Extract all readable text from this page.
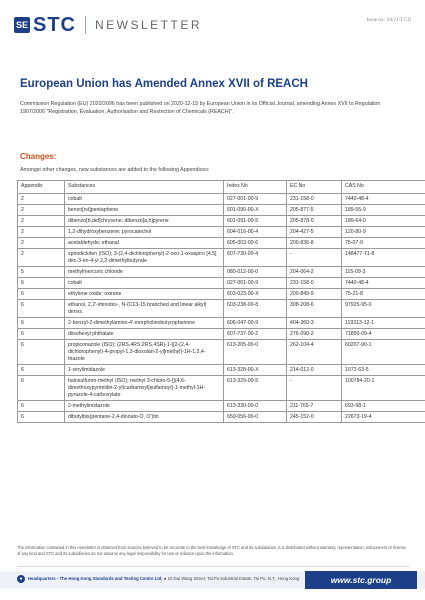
SE STC NEWSLETTER	Issue no.: 04/21/T CD
European Union has Amended Annex XVII of REACH
Commission Regulation (EU) 2020/2096 has been published on 2020-12-15 by European Union in its Official Journal, amending Annex XVII to Regulation 1907/2006 "Registration, Evaluation, Authorisation and Restriction of Chemicals (REACH)".
Changes:
Amongst other changes, new substances are added to the following Appendices:
Appendix	Substances	Index No	EC No	CAS No
2	cobalt	027-001-00-9	231-158-0	7440-48-4
2	benzo[rst]pentaphene	601-090-00-X	205-877-5	189-55-9
2	dibenzo[b,def]chrysene; dibenzo[a,h]pyrene	601-091-00-5	205-878-0	189-64-0
2	1,2-dihydroxybenzene; pyrocatechol	604-016-00-4	204-427-5	120-80-9
2	acetaldehyde; ethanal	605-003-00-6	200-836-8	75-07-0
2	spirodiclofen (ISO); 3-(2,4-dichlorophenyl)-2-oxo-1-oxaspiro [4.5] dec-3-en-4-yl 2,2-dimethylbutyrate	607-730-00-4	-	148477-71-8
5	methylmercuric chloride	080-012-00-0	204-064-2	115-09-3
6	cobalt	027-001-00-9	231-158-0	7440-48-4
6	ethylene oxide; oxirane	603-023-00-X	200-849-9	75-21-8
6	ethanol, 2,2'-iminobis-, N-(C13-15 branched and linear alkyl) derivs.	603-238-00-8	308-208-6	97925-95-0
6	2-benzyl-2-dimethylamino-4'-morpholinobutyrophenone	606-047-00-9	404-360-3	119313-12-1
6	diisohexyl phthalate	607-737-00-2	276-090-2	71850-09-4
6	propiconazole (ISO); (2RS,4RS;2RS,4SR)-1-{[2-(2,4-dichlorophenyl)-4-propyl-1,3-dioxolan-2-yl]methyl}-1H-1,2,4-triazole	613-205-00-0	262-104-4	60207-90-1
6	1-vinylimidazole	613-328-00-X	214-012-0	1072-63-5
6	halosulfuron-methyl (ISO); methyl 3-chloro-5-{[(4,6-dimethoxypyrimidin-2-yl)carbamoyl]sulfamoyl}-1-methyl-1H-pyrazole-4-carboxylate	613-329-00-5	-	100784-20-1
6	2-methylimidazole	613-330-00-0	211-765-7	693-98-1
6	dibutylbis(pentane-2,4-dionato-O, O')tin	650-056-00-0	245-152-0	22673-19-4
The information contained in this newsletter is obtained from sources believed to be accurate to the best knowledge of STC and its subsidiaries. It is distributed without warranty, representation, inducement or license of any kind and STC and its subsidiaries do not assume any legal responsibility for use or reliance upon the information.
●	Headquarters - The Hong Kong Standards and Testing Centre Ltd. ● 10 Dai Wang Street, Tai Po Industrial Estate, Tai Po, N.T., Hong Kong	www.stc.group
